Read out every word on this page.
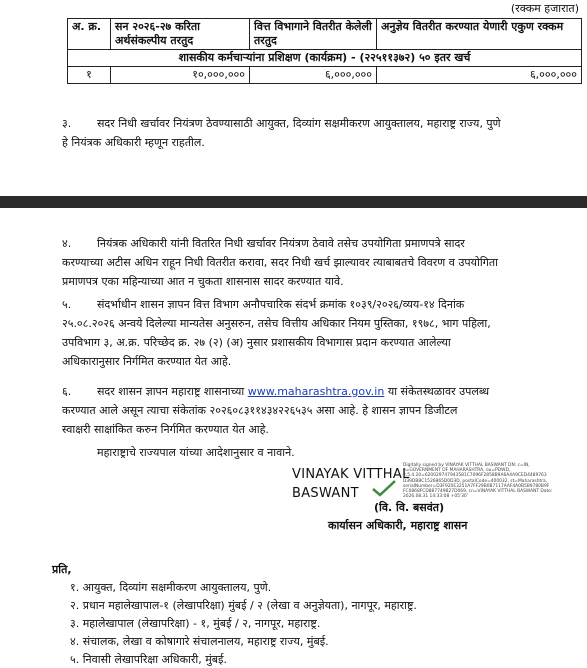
(रक्कम हजारात)
अ. क्र.	सन २०२६-२७ करिता अर्थसंकल्पीय तरतुद	वित्त विभागाने वितरीत केलेली तरतुद	अनुज्ञेय वितरीत करण्यात येणारी एकुण रक्कम
शासकीय कर्मचाऱ्यांना प्रशिक्षण (कार्यक्रम) - (२२५११३७२) ५० इतर खर्च			
१	१०,०००,०००	६,०००,०००	६,०००,०००
३. सदर निधी खर्चावर नियंत्रण ठेवण्यासाठी आयुक्त, दिव्यांग सक्षमीकरण आयुक्तालय, महाराष्ट्र राज्य, पुणे
हे नियंत्रक अधिकारी म्हणून राहतील.
४. नियंत्रक अधिकारी यांनी वितरित निधी खर्चावर नियंत्रण ठेवावे तसेच उपयोगिता प्रमाणपत्रे सादर
करण्याच्या अटीस अधिन राहून निधी वितरीत करावा, सदर निधी खर्च झाल्यावर त्याबाबतचे विवरण व उपयोगिता
प्रमाणपत्र एका महिन्याच्या आत न चुकता शासनास सादर करण्यात यावे.
५. संदर्भाधीन शासन ज्ञापन वित्त विभाग अनौपचारिक संदर्भ क्रमांक १०३९/२०२६/व्यय-१४ दिनांक
२५.०८.२०२६ अन्वये दिलेल्या मान्यतेस अनुसरुन, तसेच वित्तीय अधिकार नियम पुस्तिका, १९७८, भाग पहिला,
उपविभाग ३, अ.क्र. परिच्छेद क्र. २७ (२) (अ) नुसार प्रशासकीय विभागास प्रदान करण्यात आलेल्या
अधिकारानुसार निर्गमित करण्यात येत आहे.
६. सदर शासन ज्ञापन महाराष्ट्र शासनाच्या www.maharashtra.gov.in या संकेतस्थळावर उपलब्ध
करण्यात आले असून त्याचा संकेतांक २०२६०८३११४३४२२६५३५ असा आहे. हे शासन ज्ञापन डिजीटल
स्वाक्षरी साक्षांकित करुन निर्गमित करण्यात येत आहे.
महाराष्ट्राचे राज्यपाल यांच्या आदेशानुसार व नावाने.
VINAYAK VITTHAL
BASWANT
Digitally signed by VINAYAK VITTHAL BASWANT DN: c=IN, o=GOVERNMENT OF MAHARASHTRA, ou=PDWD, 2.5.4.20=620029747943581C7096F2858B9A6A4A9CED4489763 D39DBBC1526865D0D3D, postalCode=400032, st=Maharashtra, serialNumber=D3F920E3251A7FF29B0B7117AAF4A0B5B9780B9F FC0868FCD887749B27D069, cn=VINAYAK VITTHAL BASWANT Date: 2026.08.31 14:33:08 +05'30'
(वि. वि. बसवंत)
कार्यासन अधिकारी, महाराष्ट्र शासन
प्रति,
१. आयुक्त, दिव्यांग सक्षमीकरण आयुक्तालय, पुणे.
२. प्रधान महालेखापाल-१ (लेखापरिक्षा) मुंबई / २ (लेखा व अनुज्ञेयता), नागपूर, महाराष्ट्र.
३. महालेखापाल (लेखापरिक्षा) - १, मुंबई / २, नागपूर, महाराष्ट्र.
४. संचालक, लेखा व कोषागारे संचालनालय, महाराष्ट्र राज्य, मुंबई.
५. निवासी लेखापरिक्षा अधिकारी, मुंबई.
